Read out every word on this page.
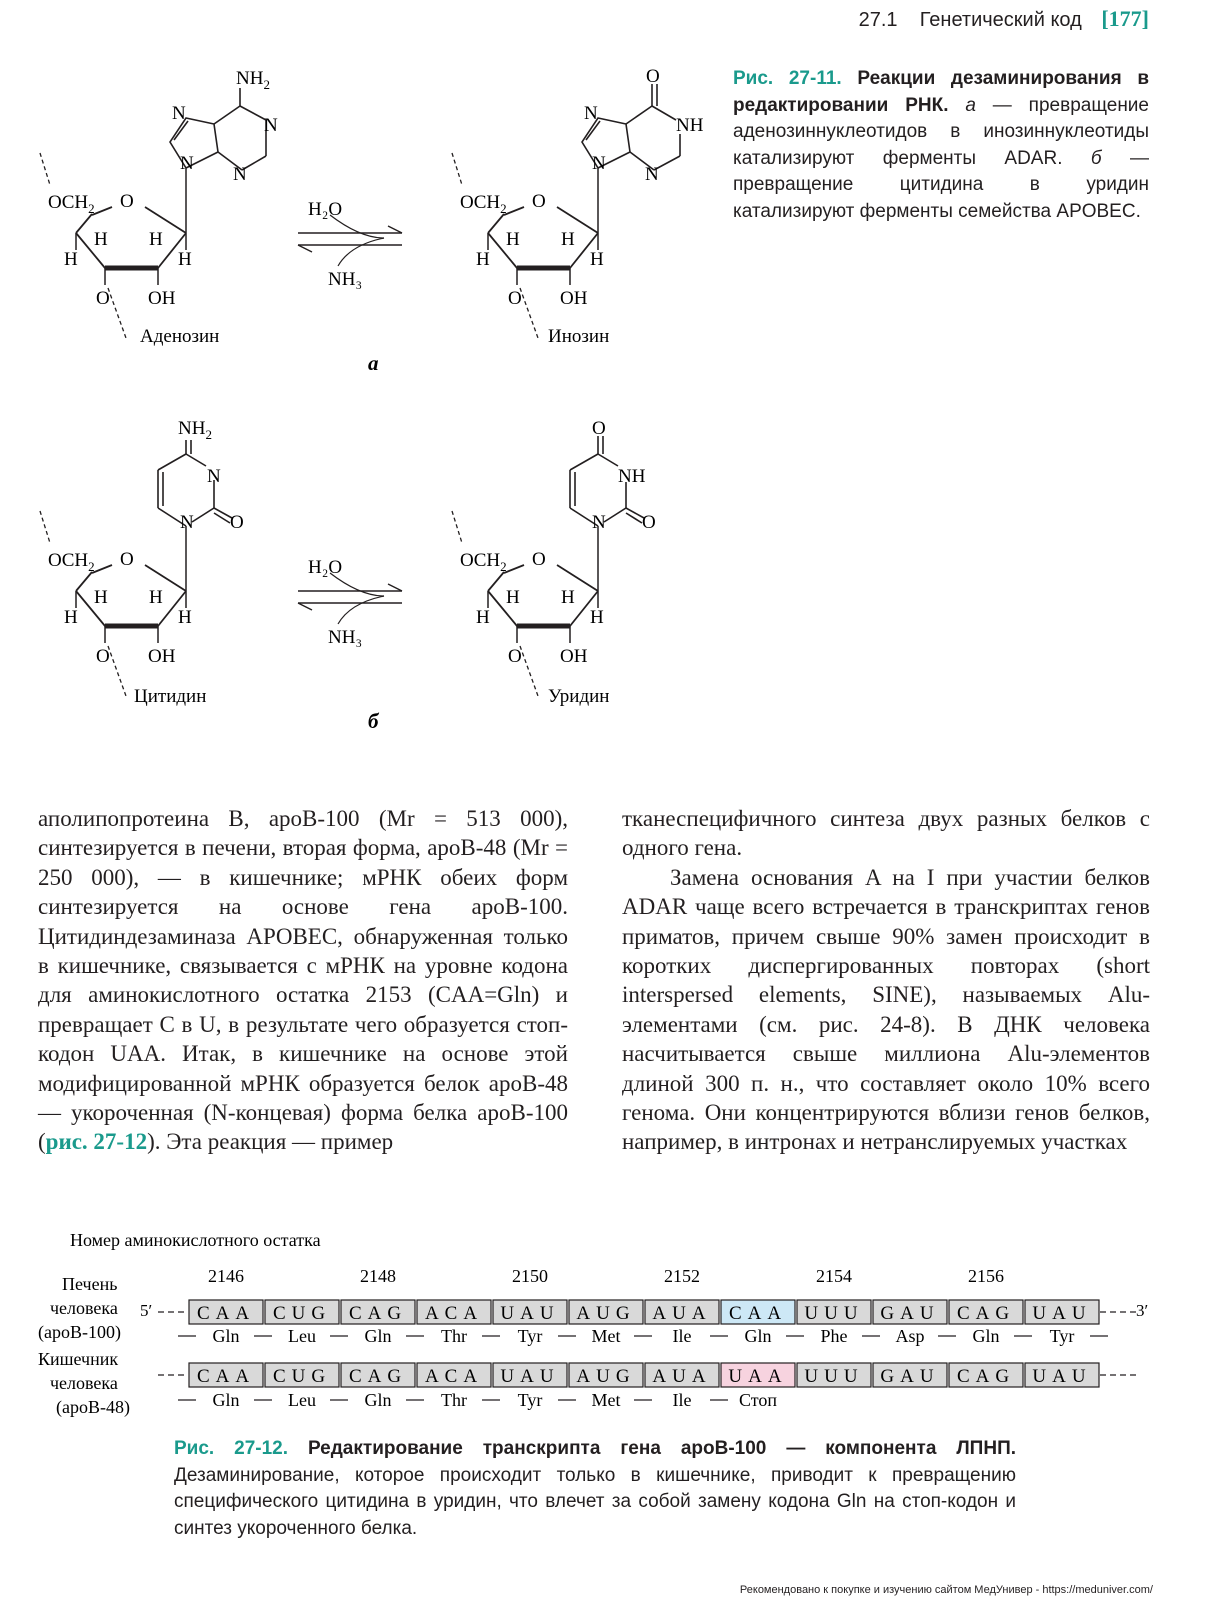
27.1 Генетический код [177]
Рис. 27-11. Реакции дезаминирования в редактировании РНК. а — превращение аденозиннуклеотидов в инозиннуклеотиды катализируют ферменты ADAR. б — превращение цитидина в уридин катализируют ферменты семейства APOBEC.
N
N
N
N
$NH_2$
H₂O
NH₃
Аденозин
O
N
N
NH
N
Инозин
а
$NH_2$
N
N O
H₂O
NH₃
Цитидин
O
NH
N O
Уридин
б

аполипопротеина B, apoB-100 (Mr = 513 000), синтезируется в печени, вторая форма, apoB-48 (Mr = 250 000), — в кишечнике; мРНК обеих форм синтезируется на основе гена apoB-100. Цитидиндезаминаза APOBEC, обнаруженная только в кишечнике, связывается с мРНК на уровне кодона для аминокислотного остатка 2153 (CAA=Gln) и превращает C в U, в результате чего образуется стоп-кодон UAA. Итак, в кишечнике на основе этой модифицированной мРНК образуется белок apoB-48 — укороченная (N-концевая) форма белка apoB-100 (рис. 27-12). Эта реакция — пример

тканеспецифичного синтеза двух разных белков с одного гена.

Замена основания A на I при участии белков ADAR чаще всего встречается в транскриптах генов приматов, причем свыше 90% замен происходит в коротких диспергированных повторах (short interspersed elements, SINE), называемых Alu-элементами (см. рис. 24-8). В ДНК человека насчитывается свыше миллиона Alu-элементов длиной 300 п. н., что составляет около 10% всего генома. Они концентрируются вблизи генов белков, например, в интронах и нетранслируемых участках

Номер аминокислотного остатка
2146	2148	2150	2152	2154	2156
Печень
человека
(apoB-100)
Кишечник
человека
(apoB-48)
5′	3′
CAA CUG CAG ACA UAU AUG AUA CAA UUU GAU CAG UAU
Gln	Leu	Gln	Thr	Tyr	Met	Ile	Gln	Phe	Asp	Gln	Tyr
CAA CUG CAG ACA UAU AUG AUA UAA UUU GAU CAG UAU
Gln	Leu	Gln	Thr	Tyr	Met	Ile	Стоп
Рис. 27-12. Редактирование транскрипта гена apoB-100 — компонента ЛПНП. Дезаминирование, которое происходит только в кишечнике, приводит к превращению специфического цитидина в уридин, что влечет за собой замену кодона Gln на стоп-кодон и синтез укороченного белка.
Рекомендовано к покупке и изучению сайтом МедУнивер - https://meduniver.com/
